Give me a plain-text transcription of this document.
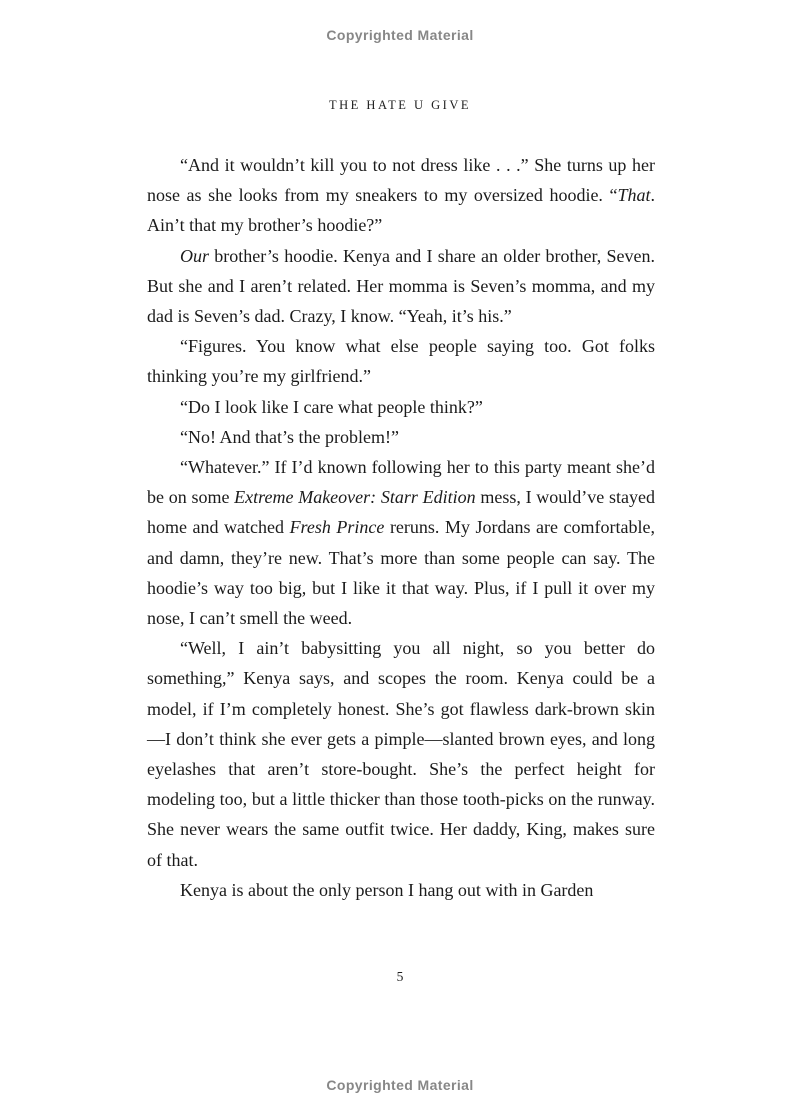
Copyrighted Material
THE HATE U GIVE

“And it wouldn’t kill you to not dress like . . .” She turns up her nose as she looks from my sneakers to my oversized hoodie. “That. Ain’t that my brother’s hoodie?”

Our brother’s hoodie. Kenya and I share an older brother, Seven. But she and I aren’t related. Her momma is Seven’s momma, and my dad is Seven’s dad. Crazy, I know. “Yeah, it’s his.”

“Figures. You know what else people saying too. Got folks thinking you’re my girlfriend.”

“Do I look like I care what people think?”

“No! And that’s the problem!”

“Whatever.” If I’d known following her to this party meant she’d be on some Extreme Makeover: Starr Edition mess, I would’ve stayed home and watched Fresh Prince reruns. My Jordans are comfortable, and damn, they’re new. That’s more than some people can say. The hoodie’s way too big, but I like it that way. Plus, if I pull it over my nose, I can’t smell the weed.

“Well, I ain’t babysitting you all night, so you better do something,” Kenya says, and scopes the room. Kenya could be a model, if I’m completely honest. She’s got flawless dark-brown skin—I don’t think she ever gets a pimple—slanted brown eyes, and long eyelashes that aren’t store-bought. She’s the perfect height for modeling too, but a little thicker than those tooth-picks on the runway. She never wears the same outfit twice. Her daddy, King, makes sure of that.

Kenya is about the only person I hang out with in Garden

5
Copyrighted Material
